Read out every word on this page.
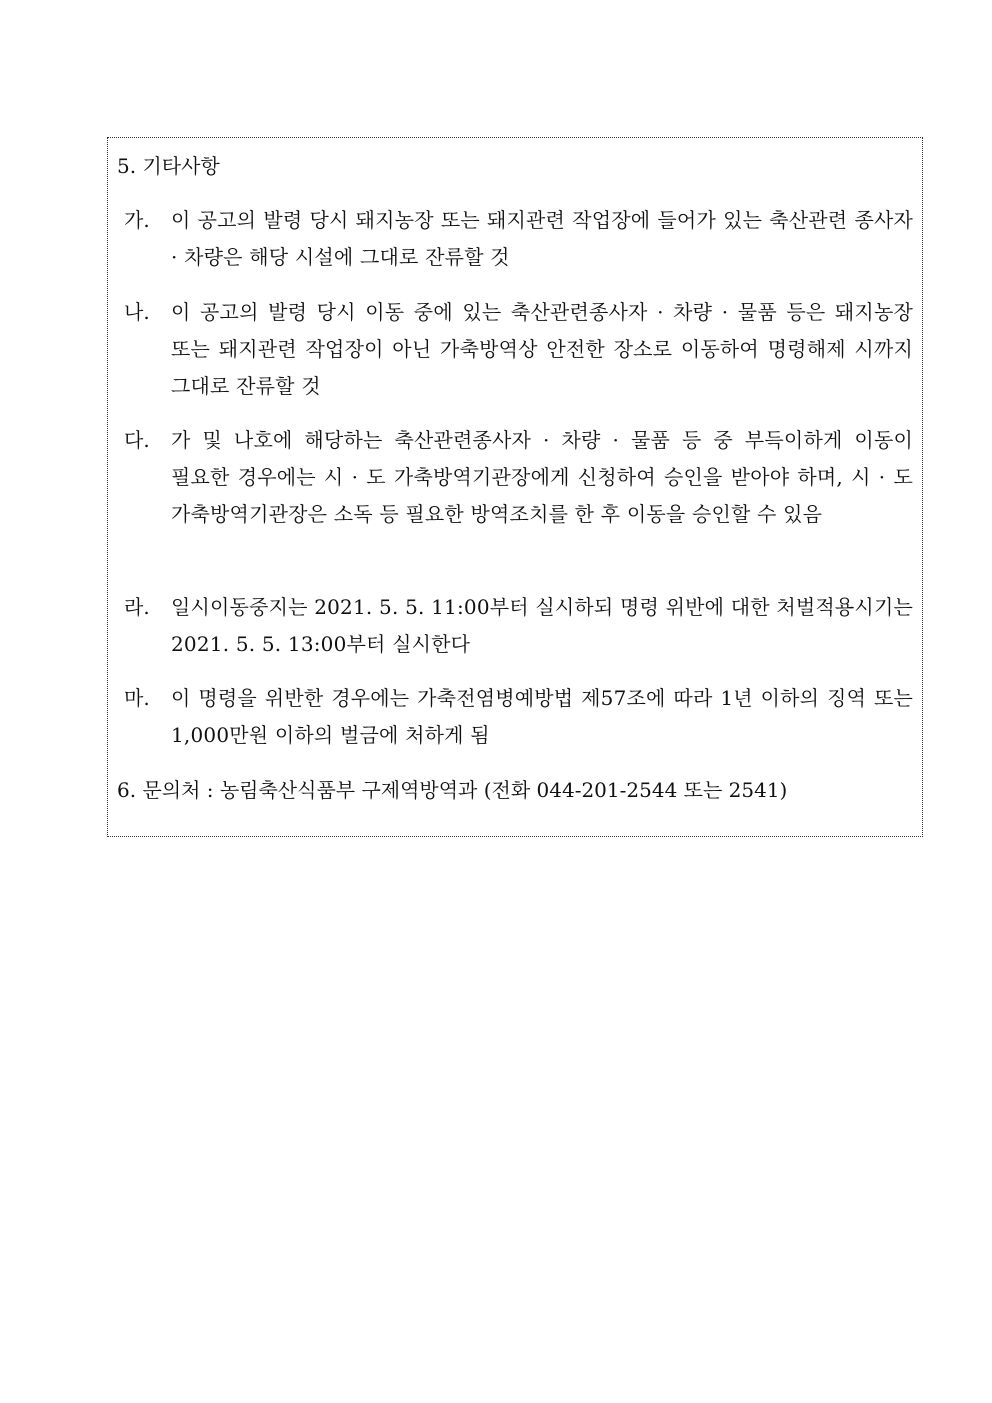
5. 기타사항
가. 이 공고의 발령 당시 돼지농장 또는 돼지관련 작업장에 들어가 있는 축산관련 종사자 · 차량은 해당 시설에 그대로 잔류할 것
나. 이 공고의 발령 당시 이동 중에 있는 축산관련종사자 · 차량 · 물품 등은 돼지농장 또는 돼지관련 작업장이 아닌 가축방역상 안전한 장소로 이동하여 명령해제 시까지 그대로 잔류할 것
다. 가 및 나호에 해당하는 축산관련종사자 · 차량 · 물품 등 중 부득이하게 이동이 필요한 경우에는 시 · 도 가축방역기관장에게 신청하여 승인을 받아야 하며, 시 · 도 가축방역기관장은 소독 등 필요한 방역조치를 한 후 이동을 승인할 수 있음
라. 일시이동중지는 2021. 5. 5. 11:00부터 실시하되 명령 위반에 대한 처벌적용시기는 2021. 5. 5. 13:00부터 실시한다
마. 이 명령을 위반한 경우에는 가축전염병예방법 제57조에 따라 1년 이하의 징역 또는 1,000만원 이하의 벌금에 처하게 됨
6. 문의처 : 농림축산식품부 구제역방역과 (전화 044-201-2544 또는 2541)
